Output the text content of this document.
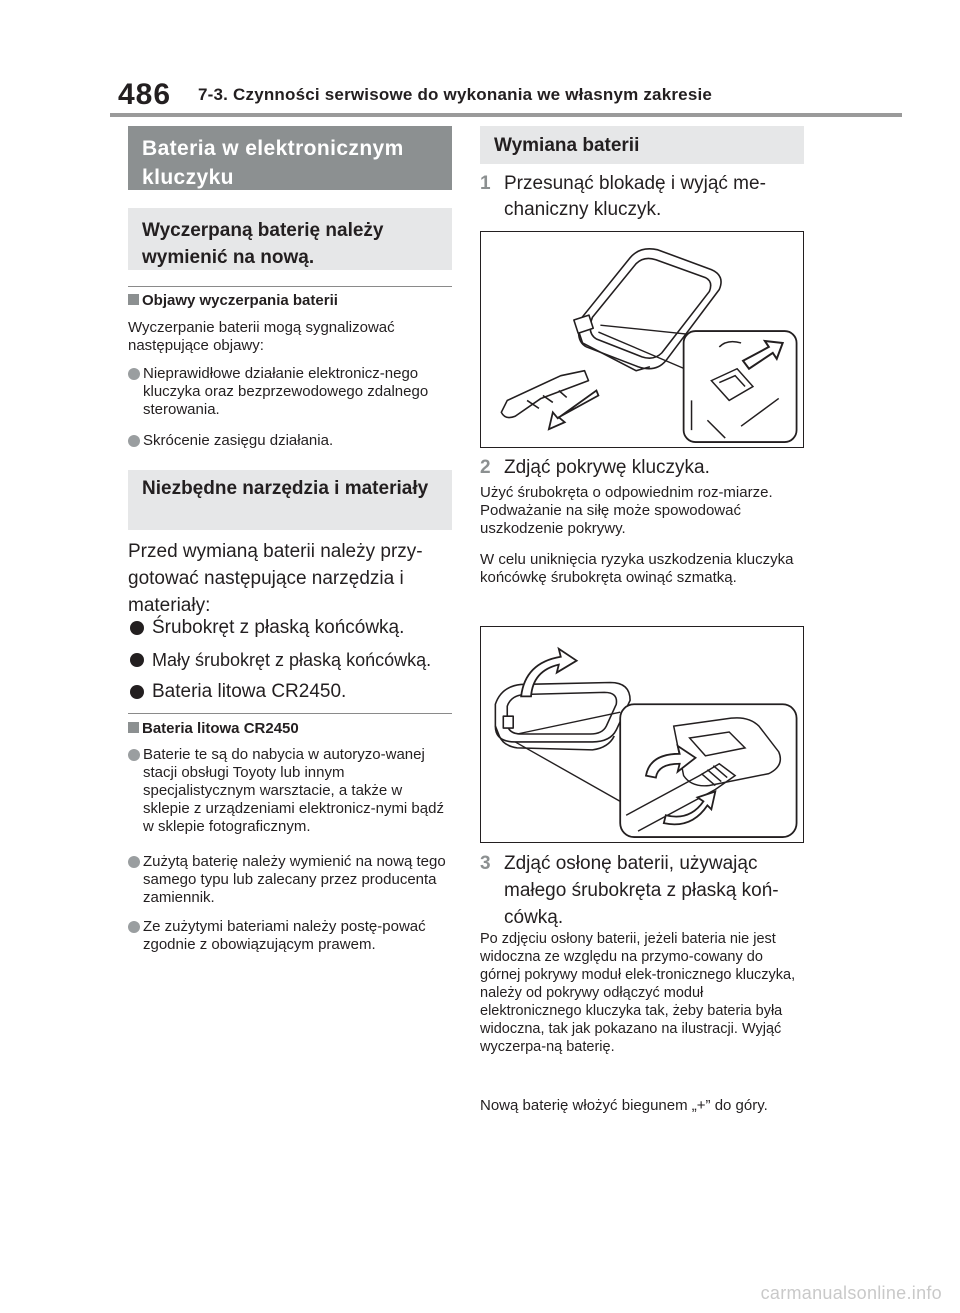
486 7-3. Czynności serwisowe do wykonania we własnym zakresie
Bateria w elektronicznym kluczyku
Wyczerpaną baterię należy wymienić na nową.
Objawy wyczerpania baterii
Wyczerpanie baterii mogą sygnalizować następujące objawy:
Nieprawidłowe działanie elektronicz-nego kluczyka oraz bezprzewodowego zdalnego sterowania.
Skrócenie zasięgu działania.
Niezbędne narzędzia i materiały
Przed wymianą baterii należy przy-gotować następujące narzędzia i materiały:
Śrubokręt z płaską końcówką.
Mały śrubokręt z płaską końcówką.
Bateria litowa CR2450.
Bateria litowa CR2450
Baterie te są do nabycia w autoryzo-wanej stacji obsługi Toyoty lub innym specjalistycznym warsztacie, a także w sklepie z urządzeniami elektronicz-nymi bądź w sklepie fotograficznym.
Zużytą baterię należy wymienić na nową tego samego typu lub zalecany przez producenta zamiennik.
Ze zużytymi bateriami należy postę-pować zgodnie z obowiązującym prawem.
Wymiana baterii
1 Przesunąć blokadę i wyjąć me-chaniczny kluczyk.
2 Zdjąć pokrywę kluczyka.
Użyć śrubokręta o odpowiednim roz-miarze. Podważanie na siłę może spowodować uszkodzenie pokrywy.
W celu uniknięcia ryzyka uszkodzenia kluczyka końcówkę śrubokręta owinąć szmatką.
3 Zdjąć osłonę baterii, używając małego śrubokręta z płaską koń-cówką.
Po zdjęciu osłony baterii, jeżeli bateria nie jest widoczna ze względu na przymo-cowany do górnej pokrywy moduł elek-tronicznego kluczyka, należy od pokrywy odłączyć moduł elektronicznego kluczyka tak, żeby bateria była widoczna, tak jak pokazano na ilustracji. Wyjąć wyczerpa-ną baterię.
Nową baterię włożyć biegunem „+” do góry.
carmanualsonline.info
